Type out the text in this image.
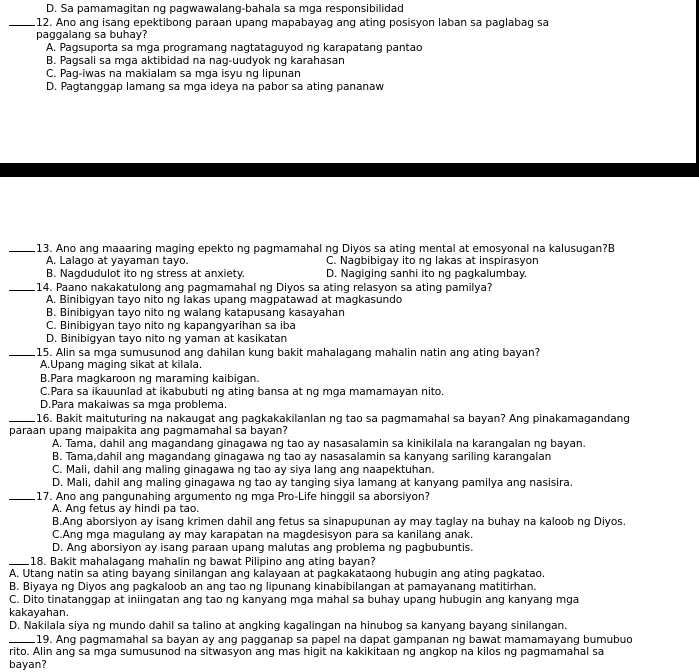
D. Sa pamamagitan ng pagwawalang-bahala sa mga responsibilidad
12. Ano ang isang epektibong paraan upang mapabayag ang ating posisyon laban sa paglabag sa
paggalang sa buhay?
A. Pagsuporta sa mga programang nagtataguyod ng karapatang pantao
B. Pagsali sa mga aktibidad na nag-uudyok ng karahasan
C. Pag-iwas na makialam sa mga isyu ng lipunan
D. Pagtanggap lamang sa mga ideya na pabor sa ating pananaw
13. Ano ang maaaring maging epekto ng pagmamahal ng Diyos sa ating mental at emosyonal na kalusugan?B
A. Lalago at yayaman tayo.	C. Nagbibigay ito ng lakas at inspirasyon
B. Nagdudulot ito ng stress at anxiety.	D. Nagiging sanhi ito ng pagkalumbay.
14. Paano nakakatulong ang pagmamahal ng Diyos sa ating relasyon sa ating pamilya?
A. Binibigyan tayo nito ng lakas upang magpatawad at magkasundo
B. Binibigyan tayo nito ng walang katapusang kasayahan
C. Binibigyan tayo nito ng kapangyarihan sa iba
D. Binibigyan tayo nito ng yaman at kasikatan
15. Alin sa mga sumusunod ang dahilan kung bakit mahalagang mahalin natin ang ating bayan?
A.Upang maging sikat at kilala.
B.Para magkaroon ng maraming kaibigan.
C.Para sa ikauunlad at ikabubuti ng ating bansa at ng mga mamamayan nito.
D.Para makaiwas sa mga problema.
16. Bakit maituturing na nakaugat ang pagkakakilanlan ng tao sa pagmamahal sa bayan? Ang pinakamagandang
paraan upang maipakita ang pagmamahal sa bayan?
A. Tama, dahil ang magandang ginagawa ng tao ay nasasalamin sa kinikilala na karangalan ng bayan.
B. Tama,dahil ang magandang ginagawa ng tao ay nasasalamin sa kanyang sariling karangalan
C. Mali, dahil ang maling ginagawa ng tao ay siya lang ang naapektuhan.
D. Mali, dahil ang maling ginagawa ng tao ay tanging siya lamang at kanyang pamilya ang nasisira.
17. Ano ang pangunahing argumento ng mga Pro-Life hinggil sa aborsiyon?
A. Ang fetus ay hindi pa tao.
B.Ang aborsiyon ay isang krimen dahil ang fetus sa sinapupunan ay may taglay na buhay na kaloob ng Diyos.
C.Ang mga magulang ay may karapatan na magdesisyon para sa kanilang anak.
D. Ang aborsiyon ay isang paraan upang malutas ang problema ng pagbubuntis.
18. Bakit mahalagang mahalin ng bawat Pilipino ang ating bayan?
A. Utang natin sa ating bayang sinilangan ang kalayaan at pagkakataong hubugin ang ating pagkatao.
B. Biyaya ng Diyos ang pagkaloob an ang tao ng lipunang kinabibilangan at pamayanang matitirhan.
C. Dito tinatanggap at iniingatan ang tao ng kanyang mga mahal sa buhay upang hubugin ang kanyang mga
kakayahan.
D. Nakilala siya ng mundo dahil sa talino at angking kagalingan na hinubog sa kanyang bayang sinilangan.
19. Ang pagmamahal sa bayan ay ang pagganap sa papel na dapat gampanan ng bawat mamamayang bumubuo
rito. Alin ang sa mga sumusunod na sitwasyon ang mas higit na kakikitaan ng angkop na kilos ng pagmamahal sa
bayan?
